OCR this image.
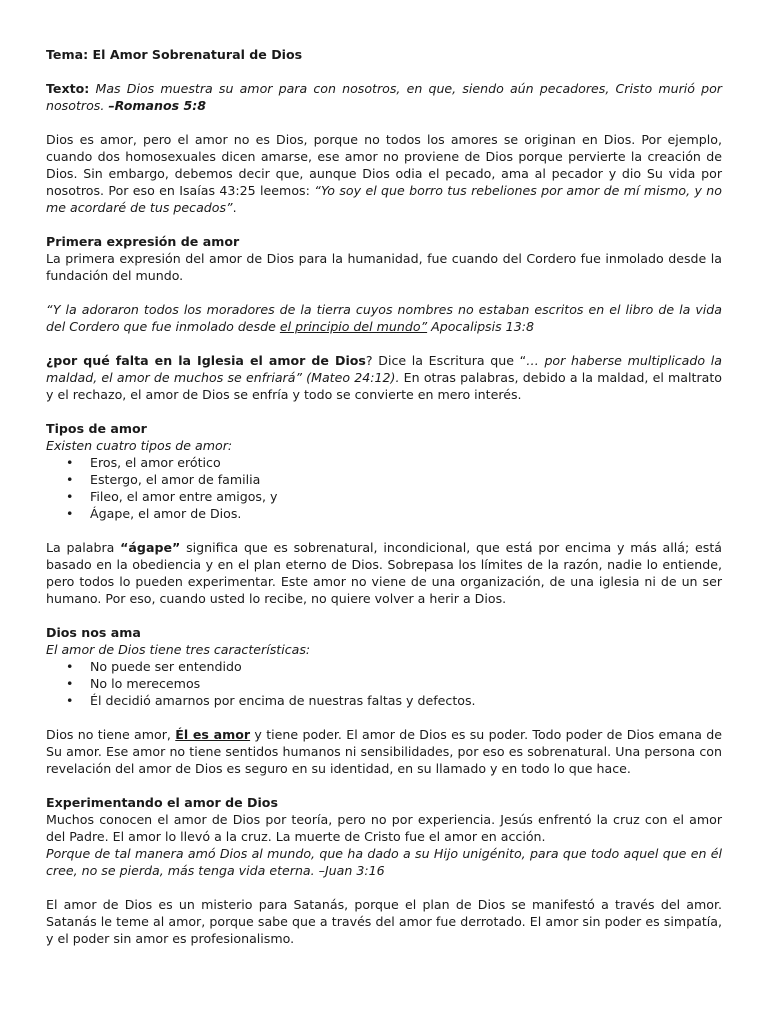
Tema: El Amor Sobrenatural de Dios

Texto: Mas Dios muestra su amor para con nosotros, en que, siendo aún pecadores, Cristo murió por nosotros. –Romanos 5:8

Dios es amor, pero el amor no es Dios, porque no todos los amores se originan en Dios. Por ejemplo, cuando dos homosexuales dicen amarse, ese amor no proviene de Dios porque pervierte la creación de Dios. Sin embargo, debemos decir que, aunque Dios odia el pecado, ama al pecador y dio Su vida por nosotros. Por eso en Isaías 43:25 leemos: “Yo soy el que borro tus rebeliones por amor de mí mismo, y no me acordaré de tus pecados”.

Primera expresión de amor

La primera expresión del amor de Dios para la humanidad, fue cuando del Cordero fue inmolado desde la fundación del mundo.

“Y la adoraron todos los moradores de la tierra cuyos nombres no estaban escritos en el libro de la vida del Cordero que fue inmolado desde el principio del mundo” Apocalipsis 13:8

¿por qué falta en la Iglesia el amor de Dios? Dice la Escritura que “… por haberse multiplicado la maldad, el amor de muchos se enfriará” (Mateo 24:12). En otras palabras, debido a la maldad, el maltrato y el rechazo, el amor de Dios se enfría y todo se convierte en mero interés.

Tipos de amor

Existen cuatro tipos de amor:

• Eros, el amor erótico
• Estergo, el amor de familia
• Fileo, el amor entre amigos, y
• Ágape, el amor de Dios.

La palabra “ágape” significa que es sobrenatural, incondicional, que está por encima y más allá; está basado en la obediencia y en el plan eterno de Dios. Sobrepasa los límites de la razón, nadie lo entiende, pero todos lo pueden experimentar. Este amor no viene de una organización, de una iglesia ni de un ser humano. Por eso, cuando usted lo recibe, no quiere volver a herir a Dios.

Dios nos ama

El amor de Dios tiene tres características:

• No puede ser entendido
• No lo merecemos
• Él decidió amarnos por encima de nuestras faltas y defectos.

Dios no tiene amor, Él es amor y tiene poder. El amor de Dios es su poder. Todo poder de Dios emana de Su amor. Ese amor no tiene sentidos humanos ni sensibilidades, por eso es sobrenatural. Una persona con revelación del amor de Dios es seguro en su identidad, en su llamado y en todo lo que hace.

Experimentando el amor de Dios

Muchos conocen el amor de Dios por teoría, pero no por experiencia. Jesús enfrentó la cruz con el amor del Padre. El amor lo llevó a la cruz. La muerte de Cristo fue el amor en acción.

Porque de tal manera amó Dios al mundo, que ha dado a su Hijo unigénito, para que todo aquel que en él cree, no se pierda, más tenga vida eterna. –Juan 3:16

El amor de Dios es un misterio para Satanás, porque el plan de Dios se manifestó a través del amor. Satanás le teme al amor, porque sabe que a través del amor fue derrotado. El amor sin poder es simpatía, y el poder sin amor es profesionalismo.
